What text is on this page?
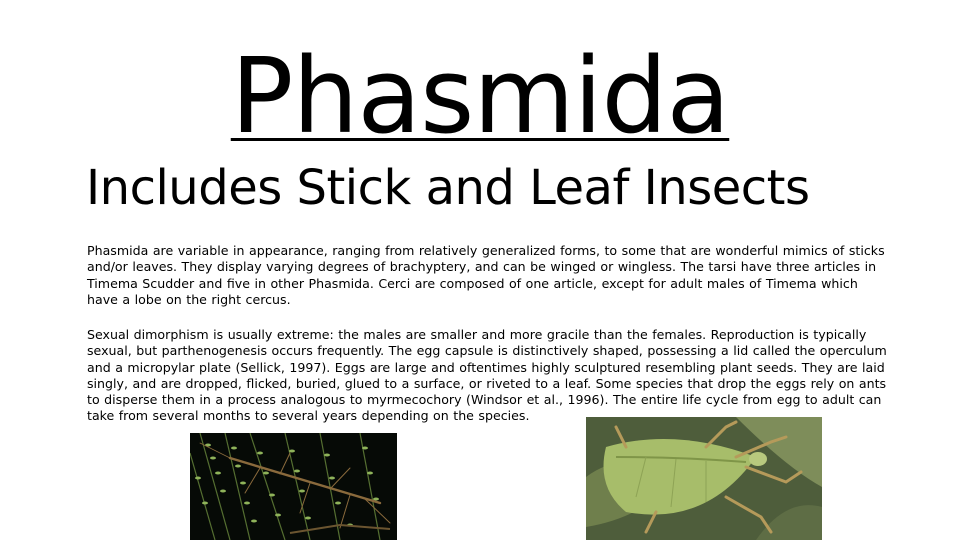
Phasmida
Includes Stick and Leaf Insects

Phasmida are variable in appearance, ranging from relatively generalized forms, to some that are wonderful mimics of sticks and/or leaves. They display varying degrees of brachyptery, and can be winged or wingless. The tarsi have three articles in Timema Scudder and five in other Phasmida. Cerci are composed of one article, except for adult males of Timema which have a lobe on the right cercus.

Sexual dimorphism is usually extreme: the males are smaller and more gracile than the females. Reproduction is typically sexual, but parthenogenesis occurs frequently. The egg capsule is distinctively shaped, possessing a lid called the operculum and a micropylar plate (Sellick, 1997). Eggs are large and oftentimes highly sculptured resembling plant seeds. They are laid singly, and are dropped, flicked, buried, glued to a surface, or riveted to a leaf. Some species that drop the eggs rely on ants to disperse them in a process analogous to myrmecochory (Windsor et al., 1996). The entire life cycle from egg to adult can take from several months to several years depending on the species.
